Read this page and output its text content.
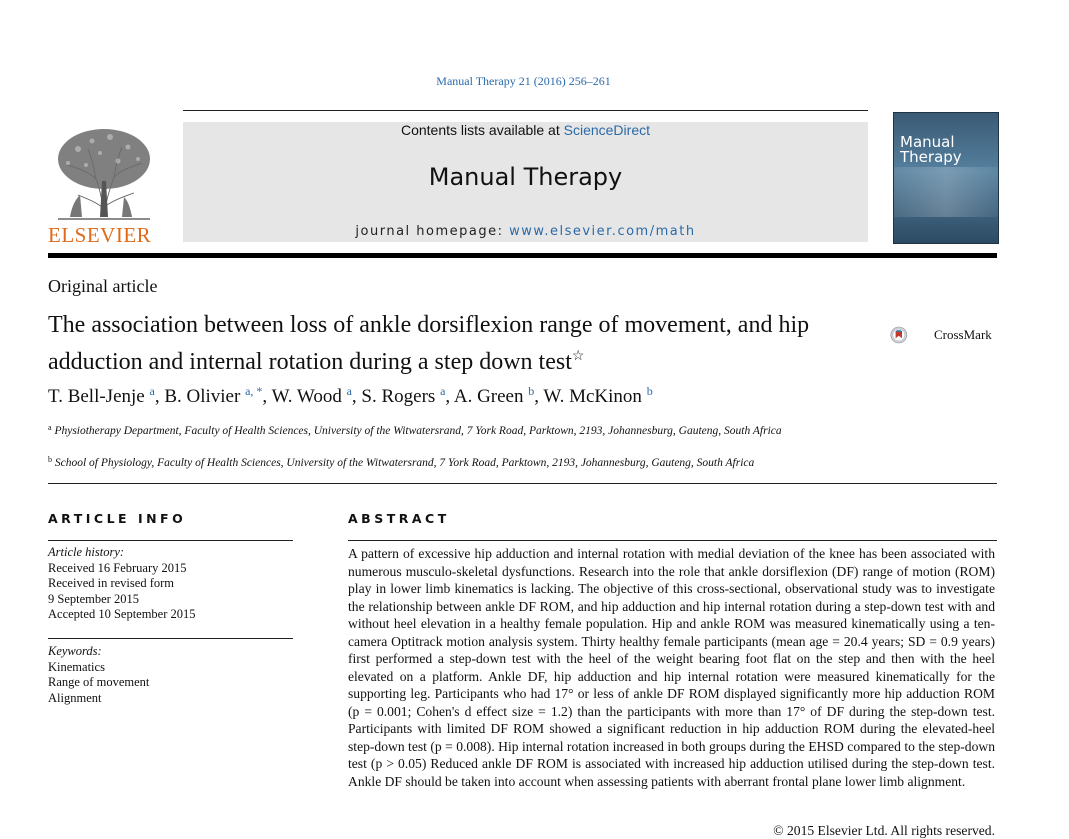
Manual Therapy 21 (2016) 256–261
ELSEVIER
Contents lists available at ScienceDirect
Manual Therapy
journal homepage: www.elsevier.com/math
Manual Therapy
Original article
The association between loss of ankle dorsiflexion range of movement, and hip adduction and internal rotation during a step down test☆
CrossMark
T. Bell-Jenje $^a$, B. Olivier $^{a, *}$, W. Wood $^a$, S. Rogers $^a$, A. Green $^b$, W. McKinon $^b$
$^a$ Physiotherapy Department, Faculty of Health Sciences, University of the Witwatersrand, 7 York Road, Parktown, 2193, Johannesburg, Gauteng, South Africa
$^b$ School of Physiology, Faculty of Health Sciences, University of the Witwatersrand, 7 York Road, Parktown, 2193, Johannesburg, Gauteng, South Africa
ARTICLE INFO
Article history:
Received 16 February 2015
Received in revised form
9 September 2015
Accepted 10 September 2015
Keywords:
Kinematics
Range of movement
Alignment
ABSTRACT
A pattern of excessive hip adduction and internal rotation with medial deviation of the knee has been associated with numerous musculo-skeletal dysfunctions. Research into the role that ankle dorsiflexion (DF) range of motion (ROM) play in lower limb kinematics is lacking. The objective of this cross-sectional, observational study was to investigate the relationship between ankle DF ROM, and hip adduction and hip internal rotation during a step-down test with and without heel elevation in a healthy female population. Hip and ankle ROM was measured kinematically using a ten-camera Optitrack motion analysis system. Thirty healthy female participants (mean age = 20.4 years; SD = 0.9 years) first performed a step-down test with the heel of the weight bearing foot flat on the step and then with the heel elevated on a platform. Ankle DF, hip adduction and hip internal rotation were measured kinematically for the supporting leg. Participants who had 17° or less of ankle DF ROM displayed significantly more hip adduction ROM (p = 0.001; Cohen's d effect size = 1.2) than the participants with more than 17° of DF during the step-down test. Participants with limited DF ROM showed a significant reduction in hip adduction ROM during the elevated-heel step-down test (p = 0.008). Hip internal rotation increased in both groups during the EHSD compared to the step-down test (p > 0.05) Reduced ankle DF ROM is associated with increased hip adduction utilised during the step-down test. Ankle DF should be taken into account when assessing patients with aberrant frontal plane lower limb alignment.
© 2015 Elsevier Ltd. All rights reserved.
